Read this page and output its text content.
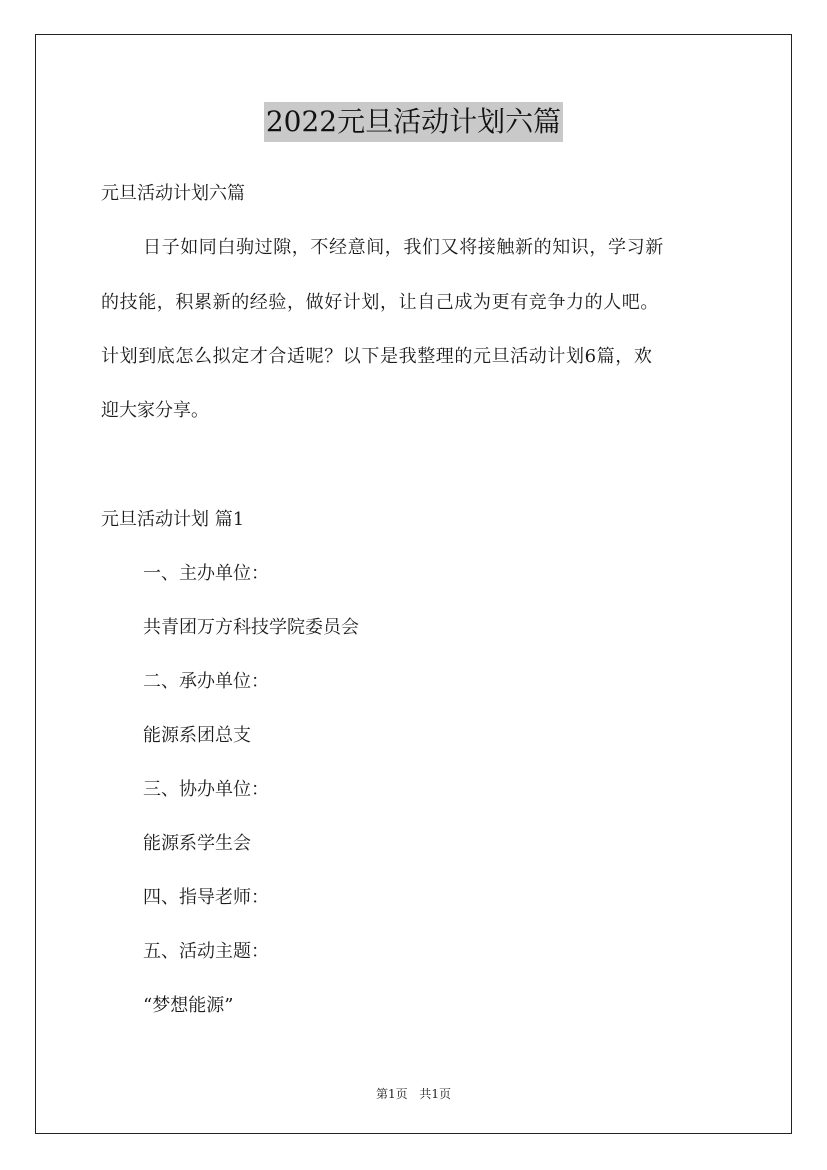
2022元旦活动计划六篇
元旦活动计划六篇
日子如同白驹过隙，不经意间，我们又将接触新的知识，学习新
的技能，积累新的经验，做好计划，让自己成为更有竞争力的人吧。
计划到底怎么拟定才合适呢？以下是我整理的元旦活动计划6篇，欢
迎大家分享。
元旦活动计划 篇1
一、主办单位：
共青团万方科技学院委员会
二、承办单位：
能源系团总支
三、协办单位：
能源系学生会
四、指导老师：
五、活动主题：
“梦想能源”
第1页 共1页
